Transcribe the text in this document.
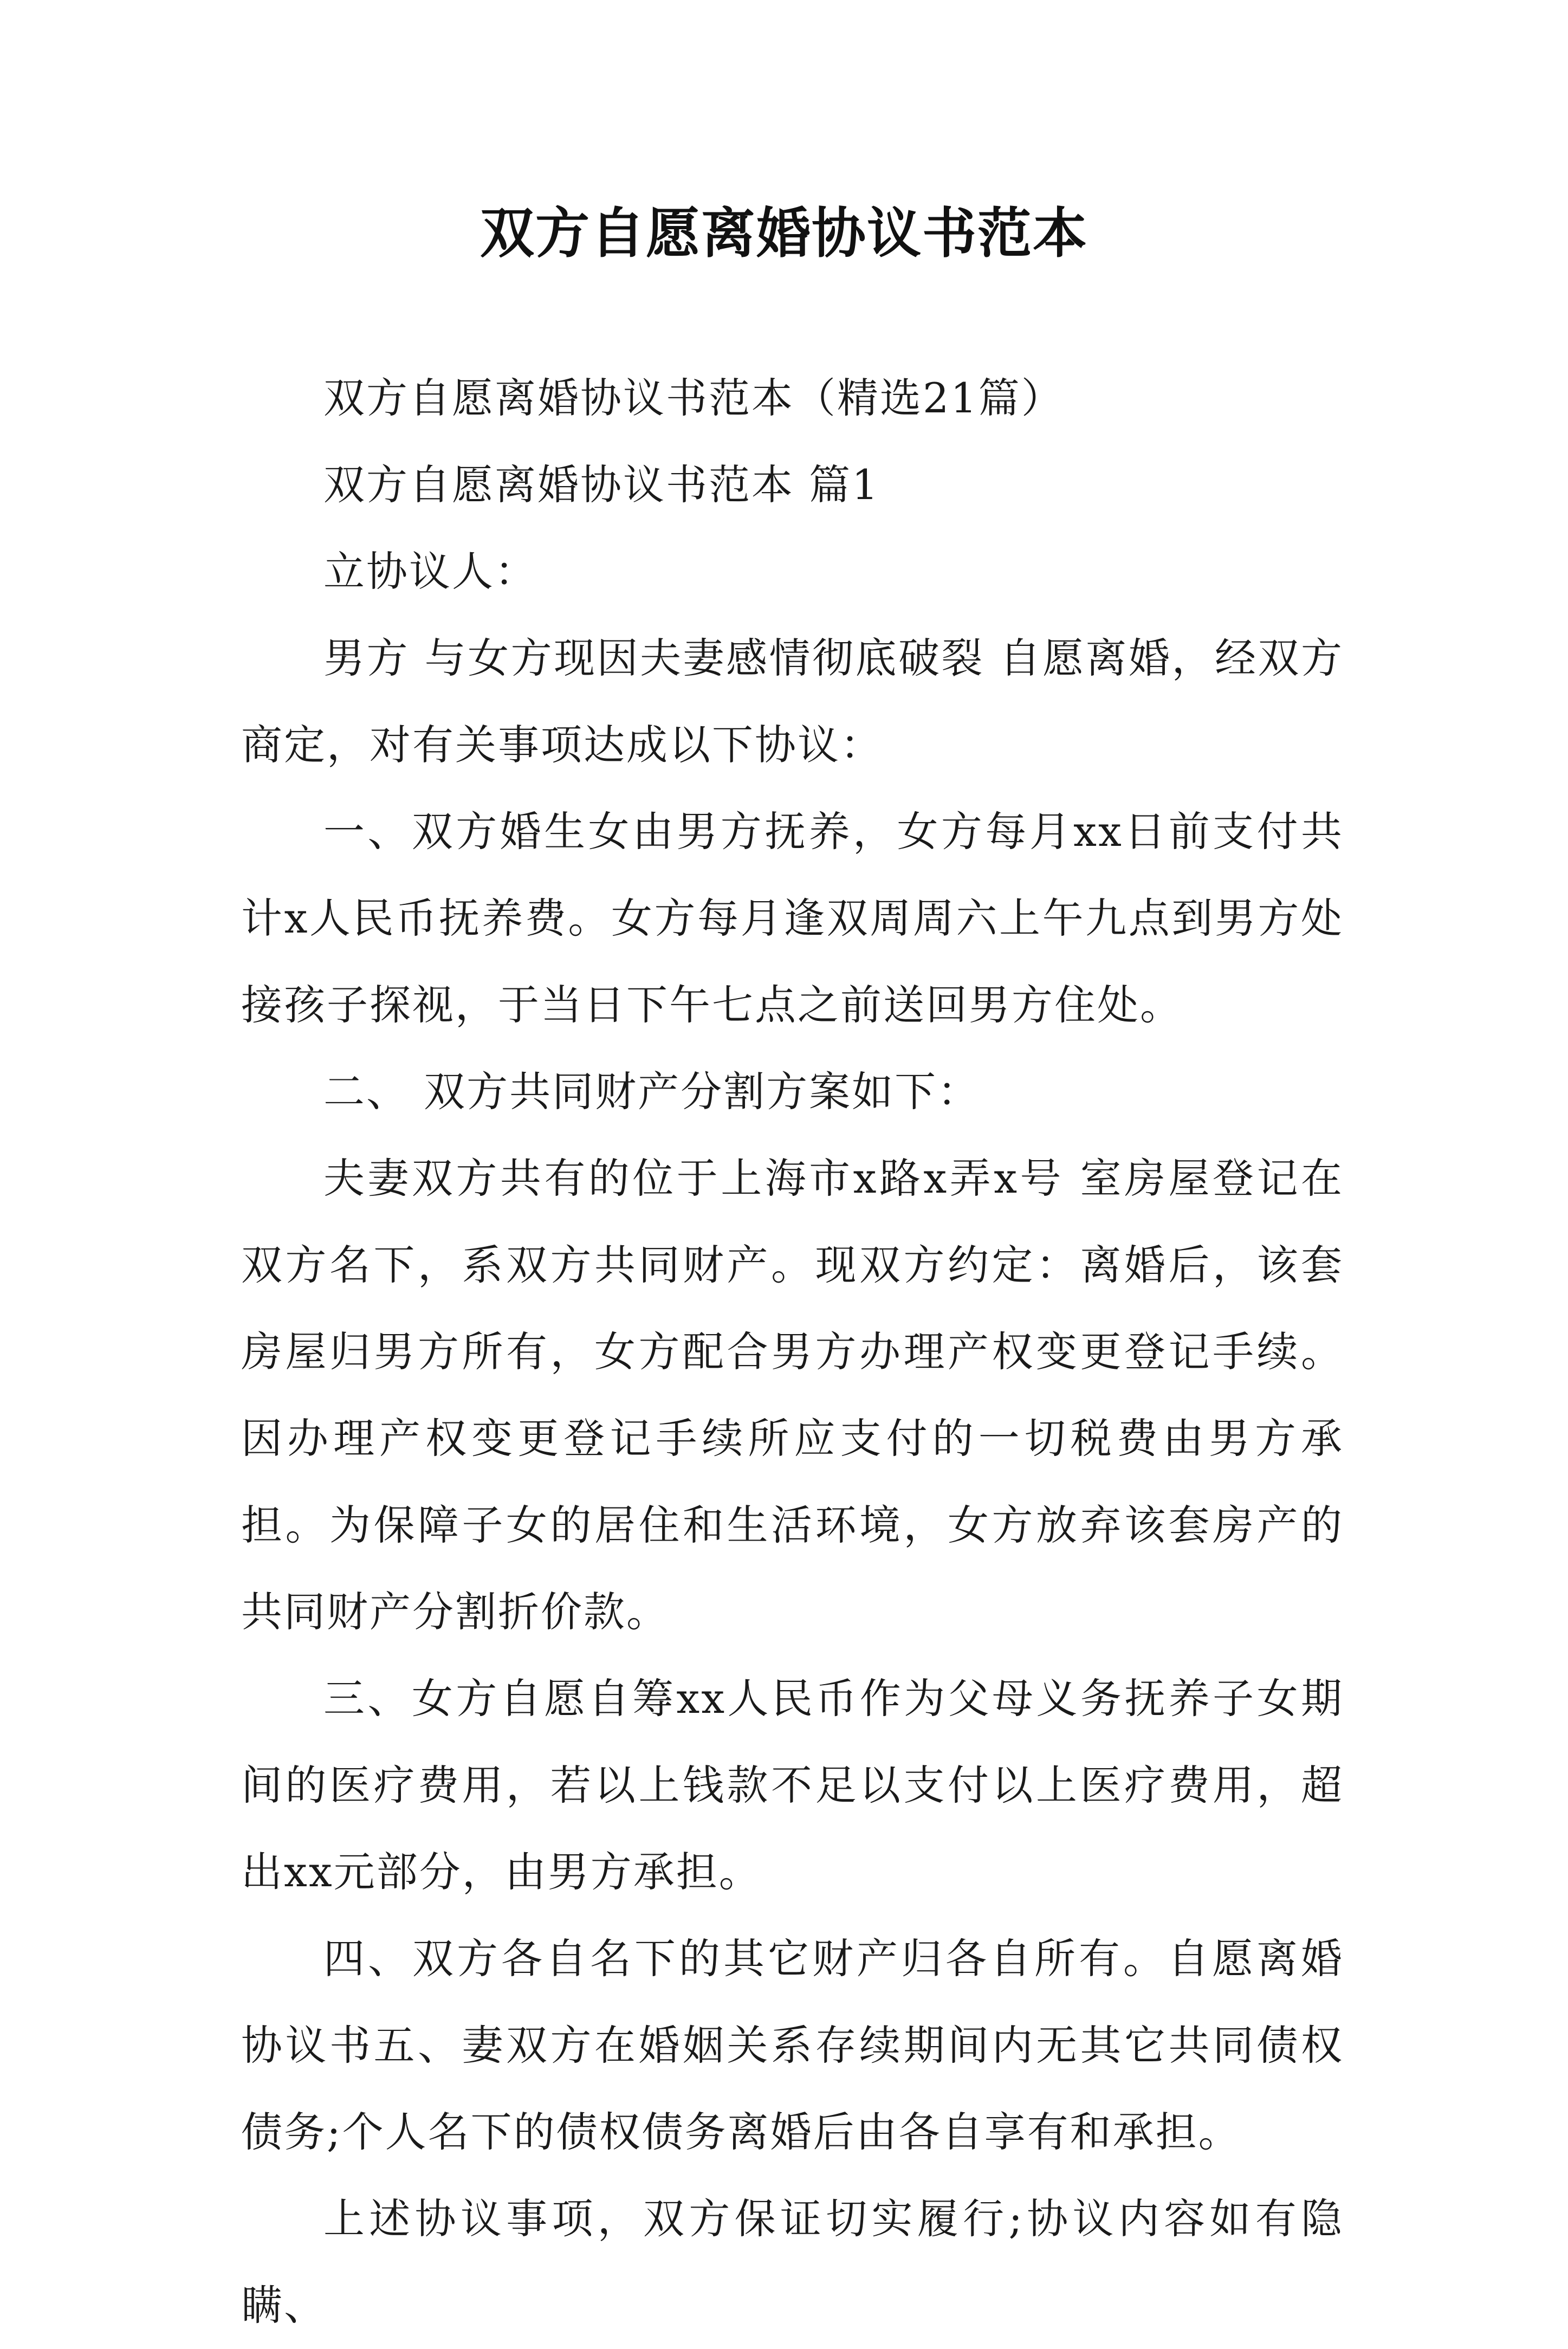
双方自愿离婚协议书范本

双方自愿离婚协议书范本（精选21篇）

双方自愿离婚协议书范本 篇1

立协议人：

男方 与女方现因夫妻感情彻底破裂 自愿离婚，经双方商定，对有关事项达成以下协议：

一、双方婚生女由男方抚养，女方每月xx日前支付共计x人民币抚养费。女方每月逢双周周六上午九点到男方处接孩子探视，于当日下午七点之前送回男方住处。

二、 双方共同财产分割方案如下：

夫妻双方共有的位于上海市x路x弄x号 室房屋登记在双方名下，系双方共同财产。现双方约定：离婚后，该套房屋归男方所有，女方配合男方办理产权变更登记手续。因办理产权变更登记手续所应支付的一切税费由男方承担。为保障子女的居住和生活环境，女方放弃该套房产的共同财产分割折价款。

三、女方自愿自筹xx人民币作为父母义务抚养子女期间的医疗费用，若以上钱款不足以支付以上医疗费用，超出xx元部分，由男方承担。

四、双方各自名下的其它财产归各自所有。自愿离婚协议书五、妻双方在婚姻关系存续期间内无其它共同债权债务;个人名下的债权债务离婚后由各自享有和承担。

上述协议事项，双方保证切实履行;协议内容如有隐瞒、
